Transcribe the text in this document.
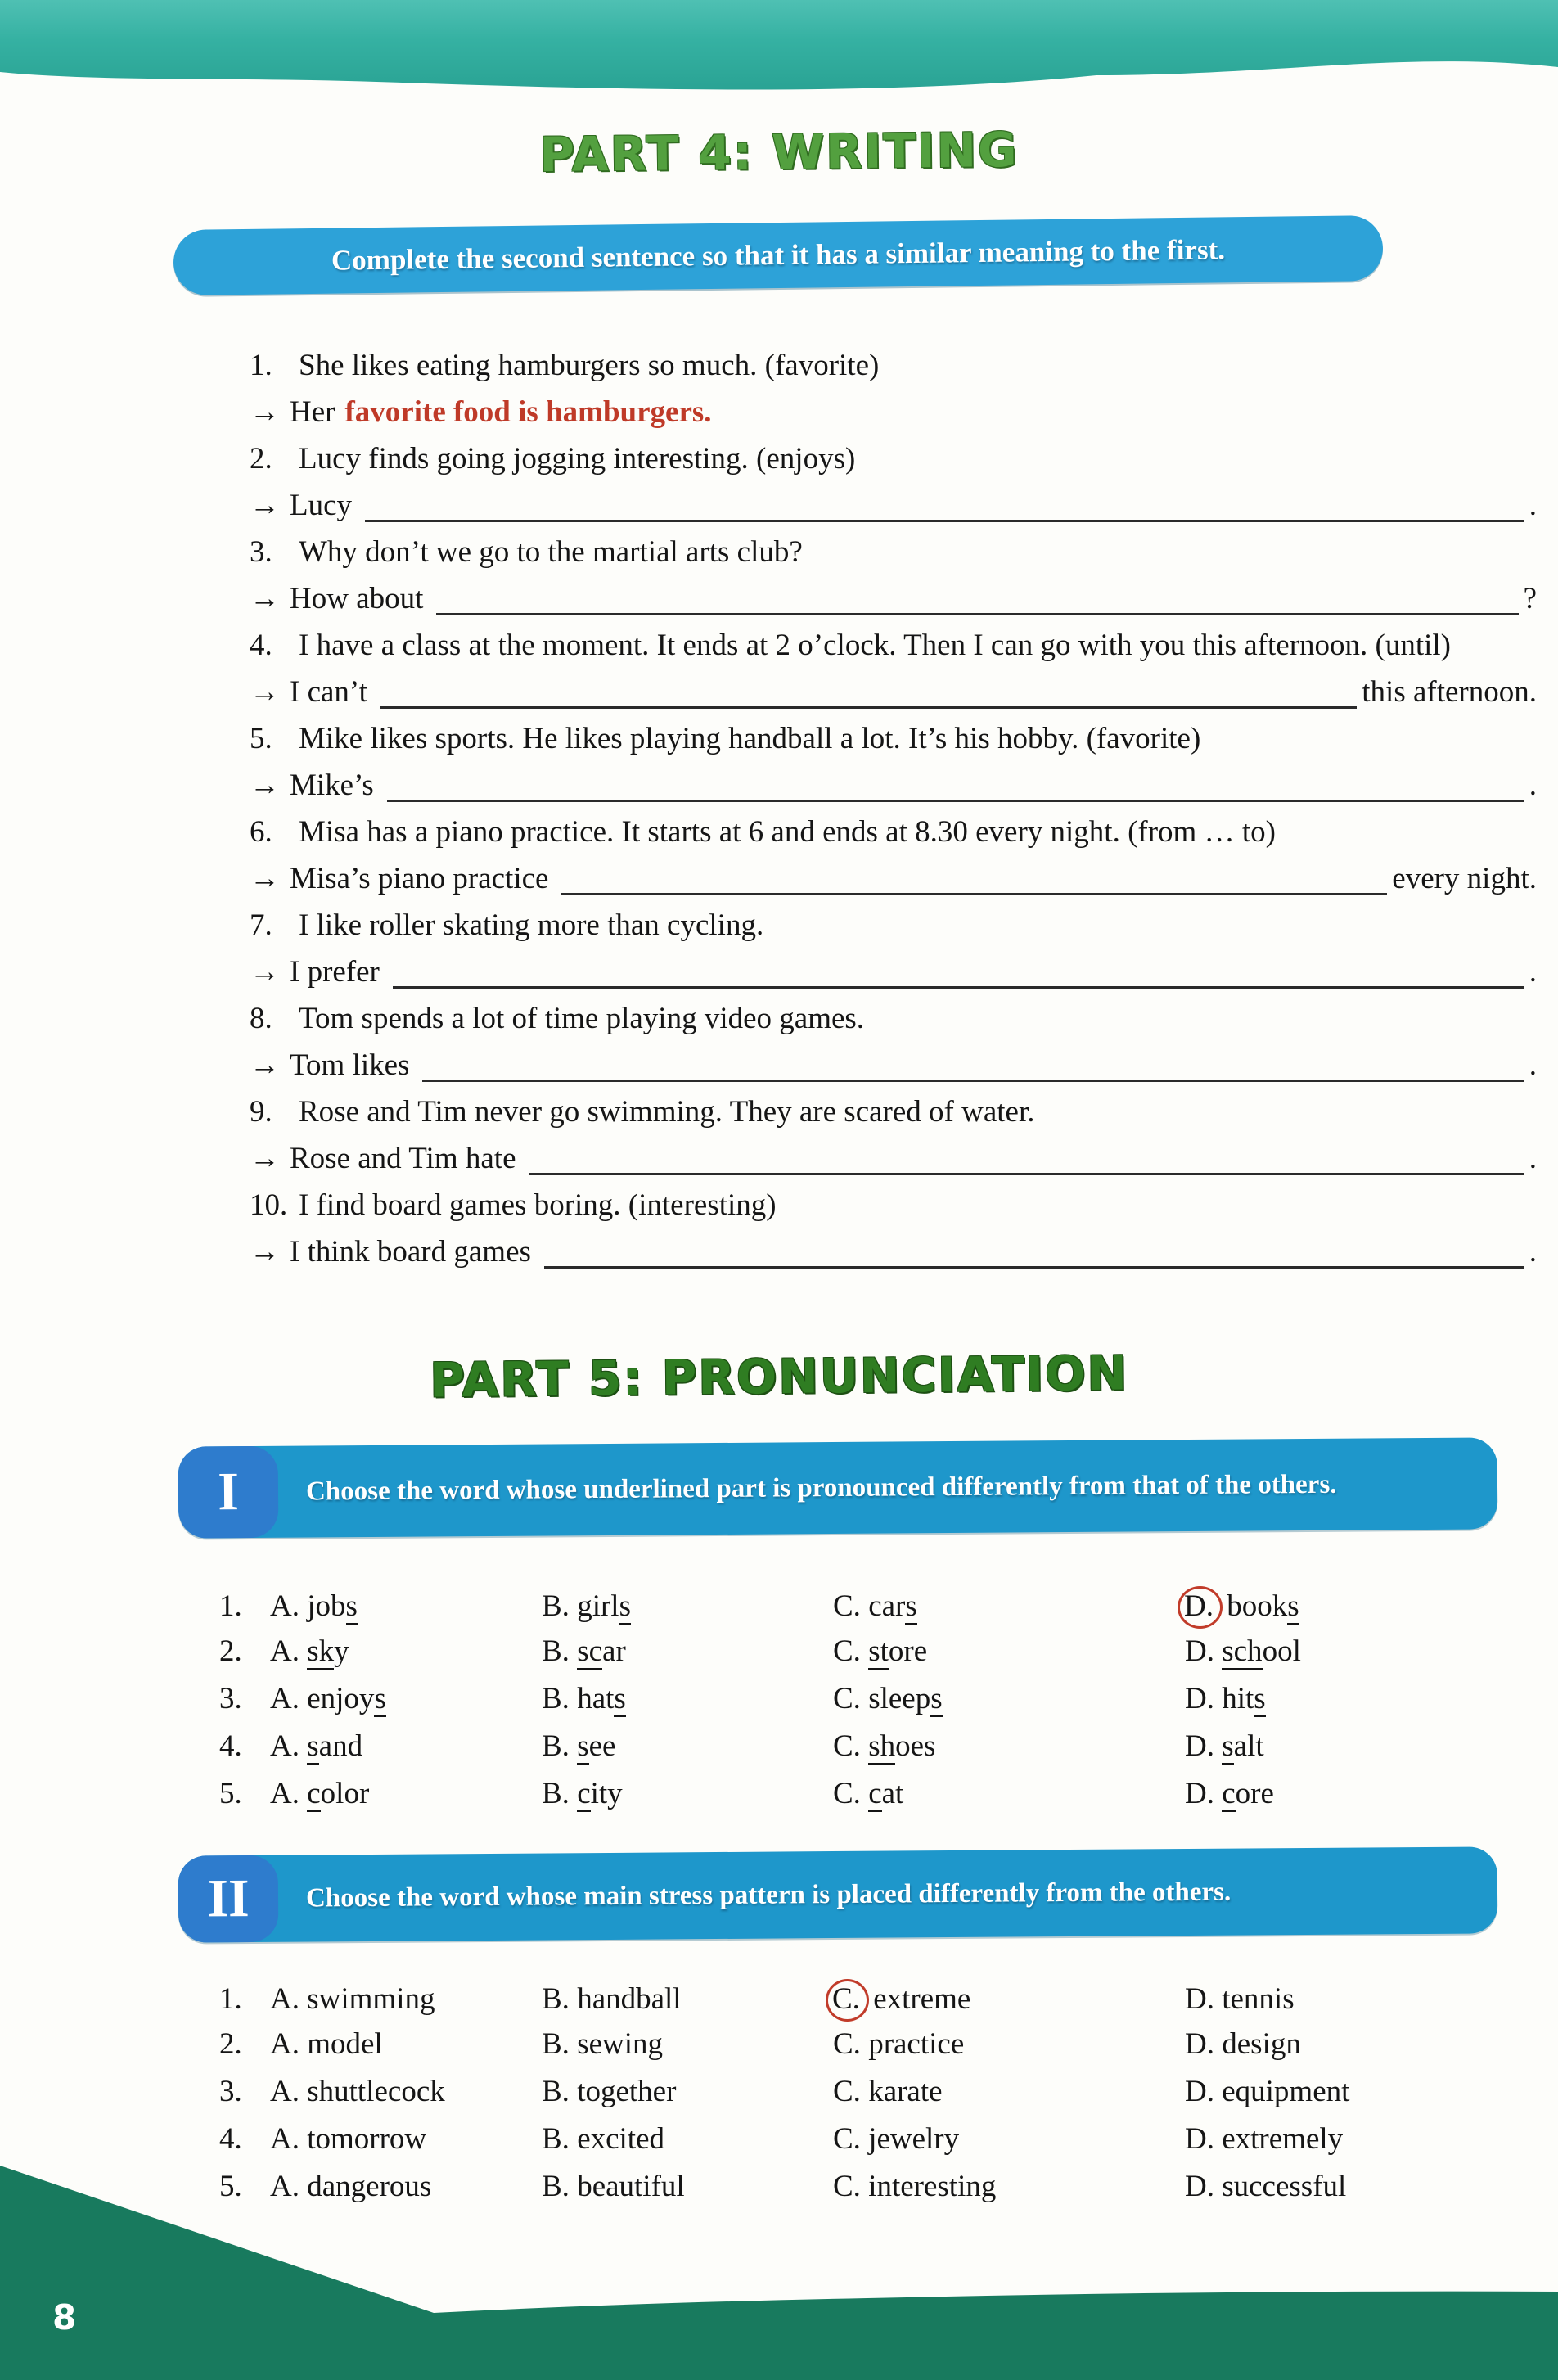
8
PART 4: WRITING
Complete the second sentence so that it has a similar meaning to the first.
1. She likes eating hamburgers so much. (favorite)
→ Her favorite food is hamburgers.
2. Lucy finds going jogging interesting. (enjoys)
→ Lucy	.
3. Why don’t we go to the martial arts club?
→ How about	?
4. I have a class at the moment. It ends at 2 o’clock. Then I can go with you this afternoon. (until)
→ I can’t	this afternoon.
5. Mike likes sports. He likes playing handball a lot. It’s his hobby. (favorite)
→ Mike’s	.
6. Misa has a piano practice. It starts at 6 and ends at 8.30 every night. (from … to)
→ Misa’s piano practice	every night.
7. I like roller skating more than cycling.
→ I prefer	.
8. Tom spends a lot of time playing video games.
→ Tom likes	.
9. Rose and Tim never go swimming. They are scared of water.
→ Rose and Tim hate	.
10. I find board games boring. (interesting)
→ I think board games	.
PART 5: PRONUNCIATION
I	Choose the word whose underlined part is pronounced differently from that of the others.
1. A. jobs	B. girls	C. cars	D. books
2. A. sky	B. scar	C. store	D. school
3. A. enjoys	B. hats	C. sleeps	D. hits
4. A. sand	B. see	C. shoes	D. salt
5. A. color	B. city	C. cat	D. core
II	Choose the word whose main stress pattern is placed differently from the others.
1. A. swimming	B. handball	C. extreme	D. tennis
2. A. model	B. sewing	C. practice	D. design
3. A. shuttlecock	B. together	C. karate	D. equipment
4. A. tomorrow	B. excited	C. jewelry	D. extremely
5. A. dangerous	B. beautiful	C. interesting	D. successful
